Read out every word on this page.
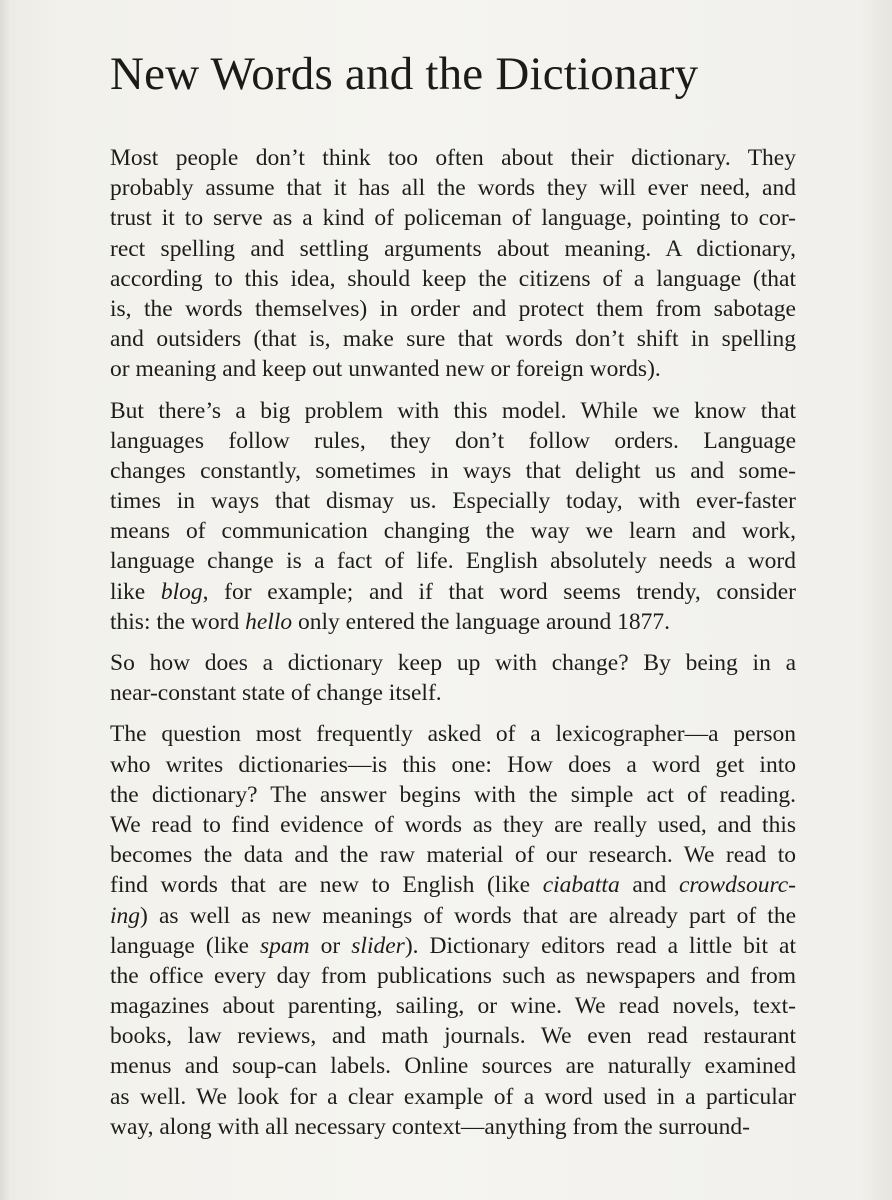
New Words and the Dictionary
Most people don’t think too often about their dictionary. They
probably assume that it has all the words they will ever need, and
trust it to serve as a kind of policeman of language, pointing to cor-
rect spelling and settling arguments about meaning. A dictionary,
according to this idea, should keep the citizens of a language (that
is, the words themselves) in order and protect them from sabotage
and outsiders (that is, make sure that words don’t shift in spelling
or meaning and keep out unwanted new or foreign words).
But there’s a big problem with this model. While we know that
languages follow rules, they don’t follow orders. Language
changes constantly, sometimes in ways that delight us and some-
times in ways that dismay us. Especially today, with ever-faster
means of communication changing the way we learn and work,
language change is a fact of life. English absolutely needs a word
like blog, for example; and if that word seems trendy, consider
this: the word hello only entered the language around 1877.
So how does a dictionary keep up with change? By being in a
near-constant state of change itself.
The question most frequently asked of a lexicographer—a person
who writes dictionaries—is this one: How does a word get into
the dictionary? The answer begins with the simple act of reading.
We read to find evidence of words as they are really used, and this
becomes the data and the raw material of our research. We read to
find words that are new to English (like ciabatta and crowdsourc-
ing) as well as new meanings of words that are already part of the
language (like spam or slider). Dictionary editors read a little bit at
the office every day from publications such as newspapers and from
magazines about parenting, sailing, or wine. We read novels, text-
books, law reviews, and math journals. We even read restaurant
menus and soup-can labels. Online sources are naturally examined
as well. We look for a clear example of a word used in a particular
way, along with all necessary context—anything from the surround-
